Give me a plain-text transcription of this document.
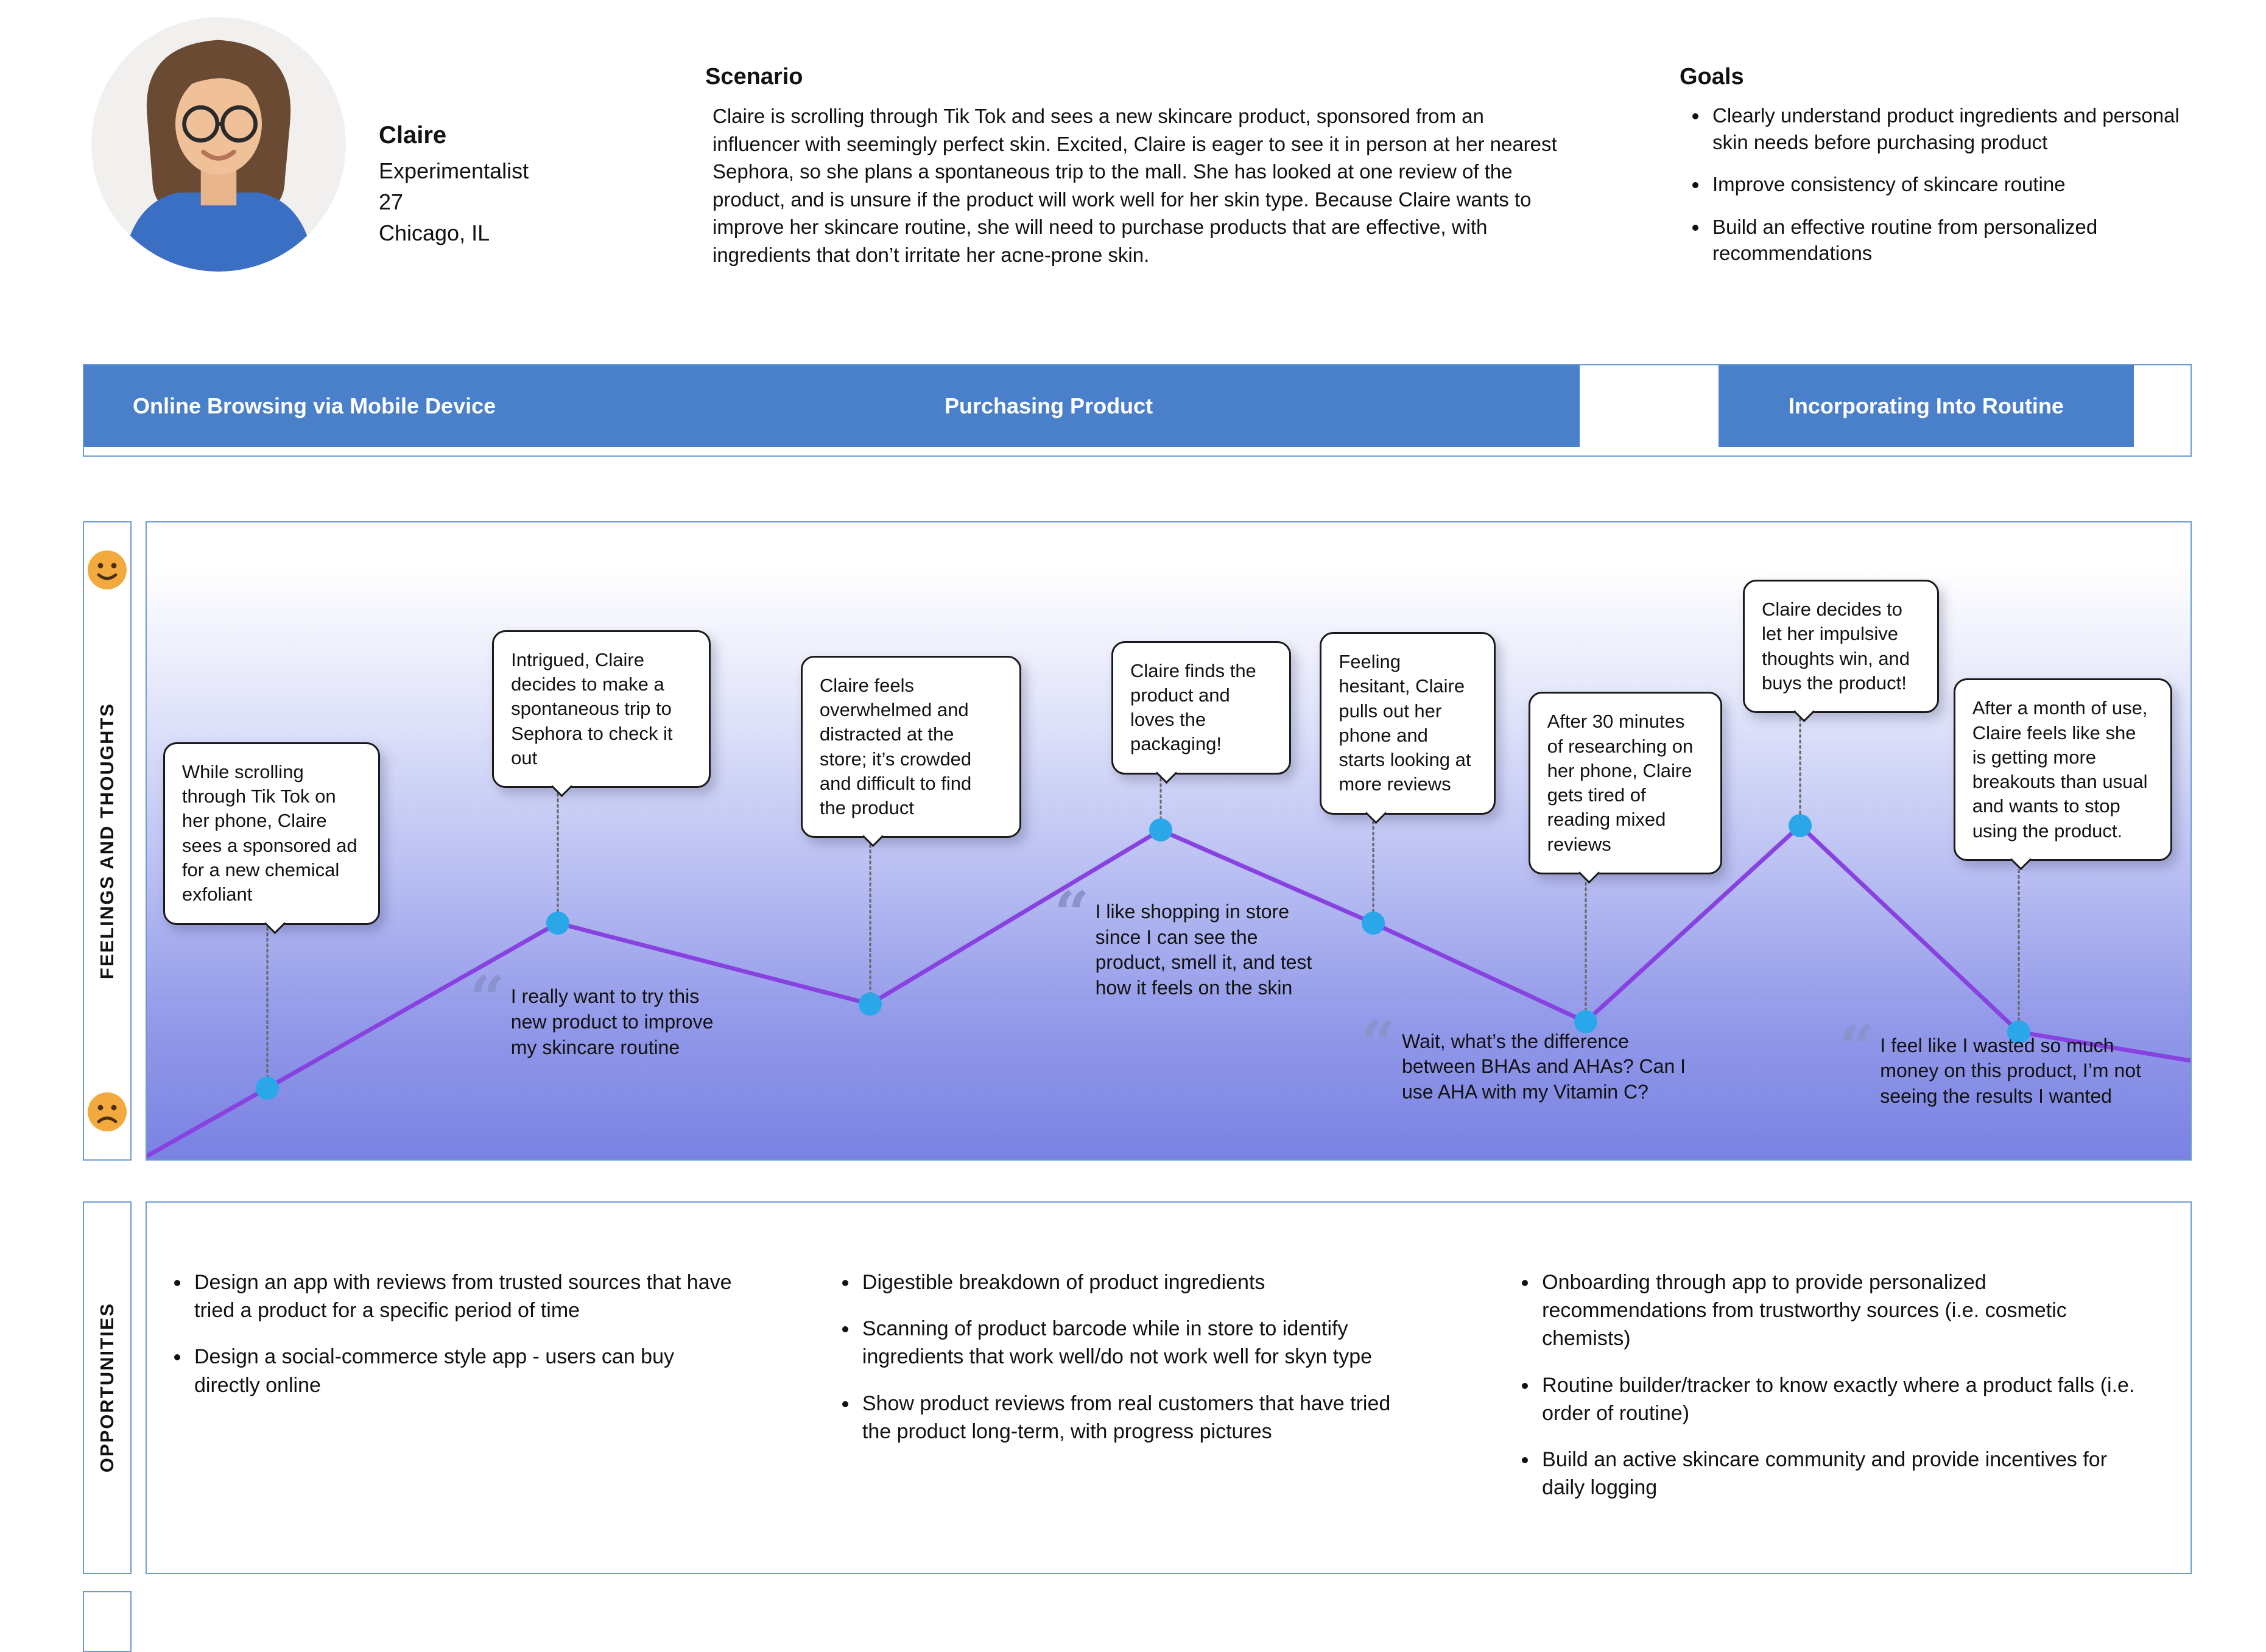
Claire
Experimentalist
27
Chicago, IL
Scenario

Claire is scrolling through Tik Tok and sees a new skincare product, sponsored from an influencer with seemingly perfect skin. Excited, Claire is eager to see it in person at her nearest Sephora, so she plans a spontaneous trip to the mall. She has looked at one review of the product, and is unsure if the product will work well for her skin type. Because Claire wants to improve her skincare routine, she will need to purchase products that are effective, with ingredients that don’t irritate her acne-prone skin.

Goals
• Clearly understand product ingredients and personal skin needs before purchasing product
• Improve consistency of skincare routine
• Build an effective routine from personalized recommendations
Online Browsing via Mobile Device	Purchasing Product	Incorporating Into Routine
FEELINGS AND THOUGHTS	While scrolling through Tik Tok on her phone, Claire sees a sponsored ad for a new chemical exfoliant
Intrigued, Claire decides to make a spontaneous trip to Sephora to check it out
Claire feels overwhelmed and distracted at the store; it’s crowded and difficult to find the product
Claire finds the product and loves the packaging!
Feeling hesitant, Claire pulls out her phone and starts looking at more reviews
After 30 minutes of researching on her phone, Claire gets tired of reading mixed reviews
Claire decides to let her impulsive thoughts win, and buys the product!
After a month of use, Claire feels like she is getting more breakouts than usual and wants to stop using the product.
“
I really want to try this new product to improve my skincare routine
“
I like shopping in store since I can see the product, smell it, and test how it feels on the skin
“
Wait, what’s the difference between BHAs and AHAs? Can I use AHA with my Vitamin C?
“
I feel like I wasted so much money on this product, I’m not seeing the results I wanted
OPPORTUNITIES
• Design an app with reviews from trusted sources that have tried a product for a specific period of time
• Design a social-commerce style app - users can buy directly online
• Digestible breakdown of product ingredients
• Scanning of product barcode while in store to identify ingredients that work well/do not work well for skyn type
• Show product reviews from real customers that have tried the product long-term, with progress pictures
• Onboarding through app to provide personalized recommendations from trustworthy sources (i.e. cosmetic chemists)
• Routine builder/tracker to know exactly where a product falls (i.e. order of routine)
• Build an active skincare community and provide incentives for daily logging
